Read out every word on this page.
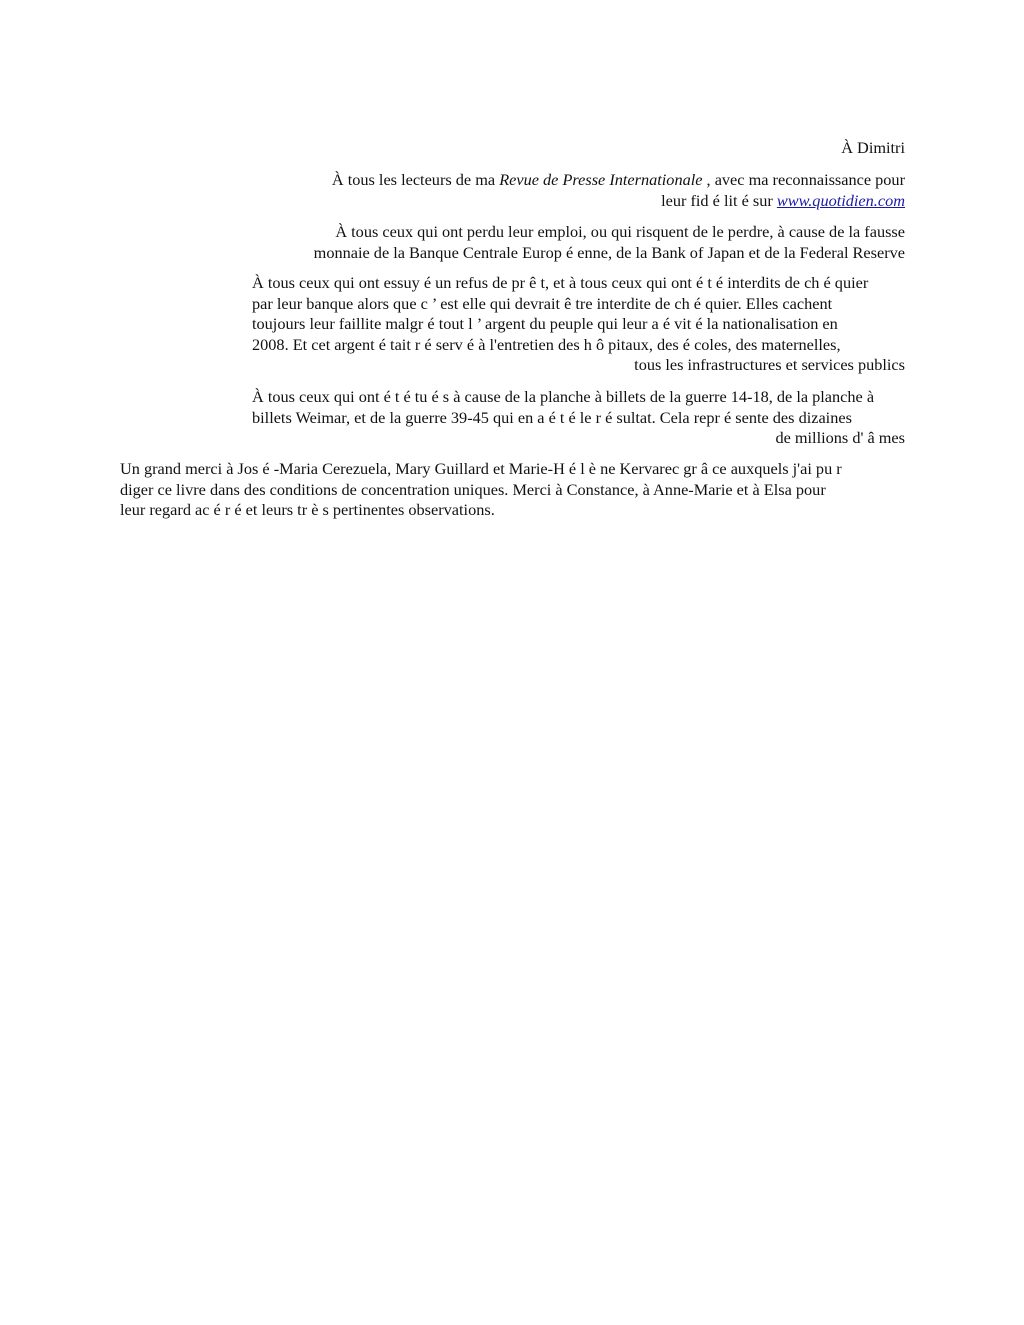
À Dimitri
À tous les lecteurs de ma Revue de Presse Internationale , avec ma reconnaissance pour
leur fid é lit é sur www.quotidien.com
À tous ceux qui ont perdu leur emploi, ou qui risquent de le perdre, à cause de la fausse
monnaie de la Banque Centrale Europ é enne, de la Bank of Japan et de la Federal Reserve
À tous ceux qui ont essuy é un refus de pr ê t, et à tous ceux qui ont é t é interdits de ch é quier
par leur banque alors que c ’ est elle qui devrait ê tre interdite de ch é quier. Elles cachent
toujours leur faillite malgr é tout l ’ argent du peuple qui leur a é vit é la nationalisation en
2008. Et cet argent é tait r é serv é à l'entretien des h ô pitaux, des é coles, des maternelles,
tous les infrastructures et services publics
À tous ceux qui ont é t é tu é s à cause de la planche à billets de la guerre 14-18, de la planche à
billets Weimar, et de la guerre 39-45 qui en a é t é le r é sultat. Cela repr é sente des dizaines
de millions d' â mes
Un grand merci à Jos é -Maria Cerezuela, Mary Guillard et Marie-H é l è ne Kervarec gr â ce auxquels j'ai pu r
diger ce livre dans des conditions de concentration uniques. Merci à Constance, à Anne-Marie et à Elsa pour
leur regard ac é r é et leurs tr è s pertinentes observations.
